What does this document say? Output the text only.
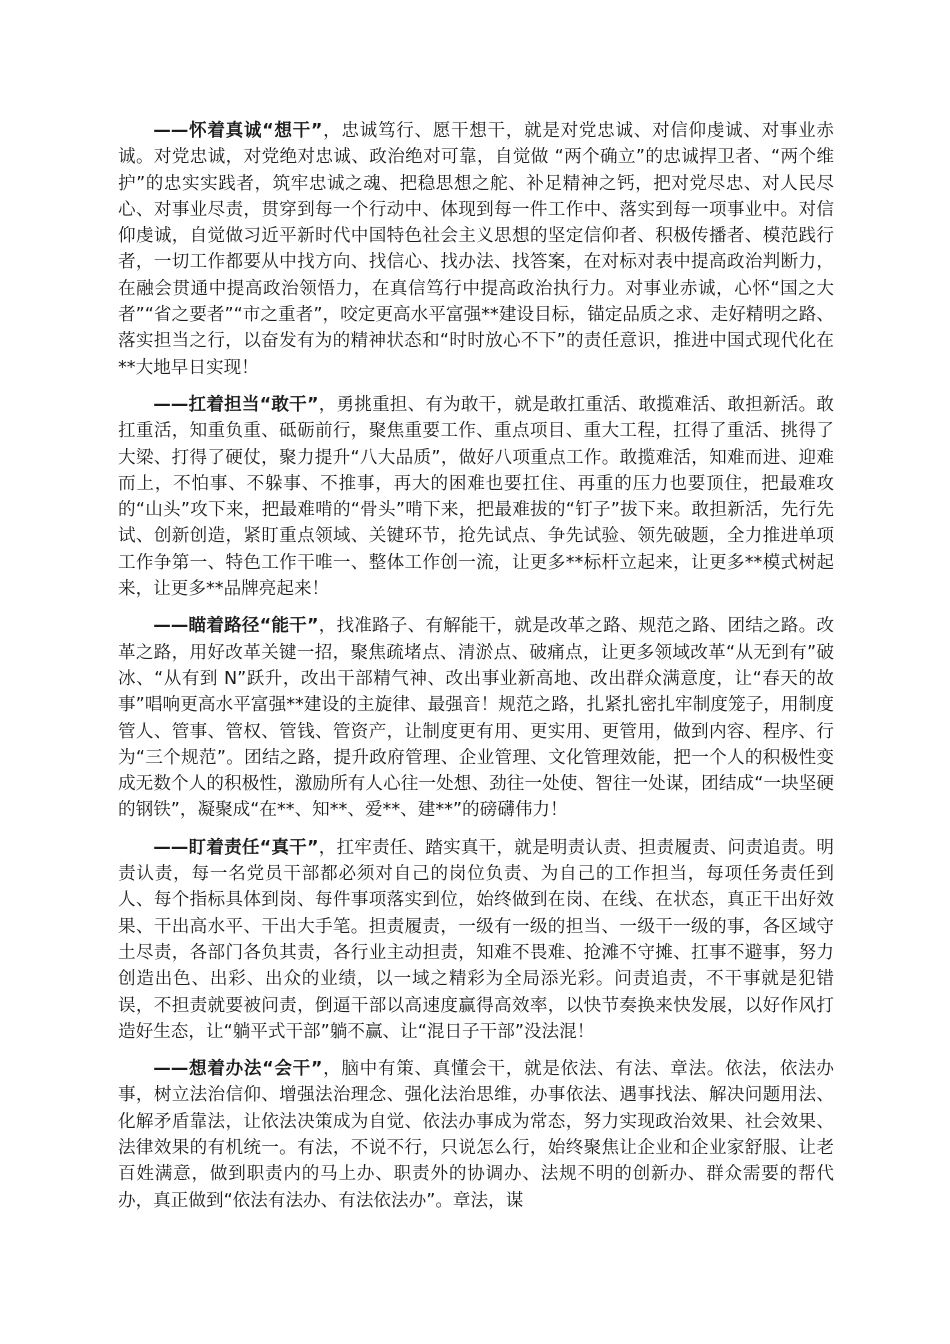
——怀着真诚“想干”，忠诚笃行、愿干想干，就是对党忠诚、对信仰虔诚、对事业赤诚。对党忠诚，对党绝对忠诚、政治绝对可靠，自觉做 “两个确立”的忠诚捍卫者、“两个维护”的忠实实践者，筑牢忠诚之魂、把稳思想之舵、补足精神之钙，把对党尽忠、对人民尽心、对事业尽责，贯穿到每一个行动中、体现到每一件工作中、落实到每一项事业中。对信仰虔诚，自觉做习近平新时代中国特色社会主义思想的坚定信仰者、积极传播者、模范践行者，一切工作都要从中找方向、找信心、找办法、找答案，在对标对表中提高政治判断力，在融会贯通中提高政治领悟力，在真信笃行中提高政治执行力。对事业赤诚，心怀“国之大者”“省之要者”“市之重者”，咬定更高水平富强**建设目标，锚定品质之求、走好精明之路、落实担当之行，以奋发有为的精神状态和“时时放心不下”的责任意识，推进中国式现代化在**大地早日实现！

——扛着担当“敢干”，勇挑重担、有为敢干，就是敢扛重活、敢揽难活、敢担新活。敢扛重活，知重负重、砥砺前行，聚焦重要工作、重点项目、重大工程，扛得了重活、挑得了大梁、打得了硬仗，聚力提升“八大品质”，做好八项重点工作。敢揽难活，知难而进、迎难而上，不怕事、不躲事、不推事，再大的困难也要扛住、再重的压力也要顶住，把最难攻的“山头”攻下来，把最难啃的“骨头”啃下来，把最难拔的“钉子”拔下来。敢担新活，先行先试、创新创造，紧盯重点领域、关键环节，抢先试点、争先试验、领先破题，全力推进单项工作争第一、特色工作干唯一、整体工作创一流，让更多**标杆立起来，让更多**模式树起来，让更多**品牌亮起来！

——瞄着路径“能干”，找准路子、有解能干，就是改革之路、规范之路、团结之路。改革之路，用好改革关键一招，聚焦疏堵点、清淤点、破痛点，让更多领域改革“从无到有”破冰、“从有到 N”跃升，改出干部精气神、改出事业新高地、改出群众满意度，让“春天的故事”唱响更高水平富强**建设的主旋律、最强音！规范之路，扎紧扎密扎牢制度笼子，用制度管人、管事、管权、管钱、管资产，让制度更有用、更实用、更管用，做到内容、程序、行为“三个规范”。团结之路，提升政府管理、企业管理、文化管理效能，把一个人的积极性变成无数个人的积极性，激励所有人心往一处想、劲往一处使、智往一处谋，团结成“一块坚硬的钢铁”，凝聚成“在**、知**、爱**、建**”的磅礴伟力！

——盯着责任“真干”，扛牢责任、踏实真干，就是明责认责、担责履责、问责追责。明责认责，每一名党员干部都必须对自己的岗位负责、为自己的工作担当，每项任务责任到人、每个指标具体到岗、每件事项落实到位，始终做到在岗、在线、在状态，真正干出好效果、干出高水平、干出大手笔。担责履责，一级有一级的担当、一级干一级的事，各区域守土尽责，各部门各负其责，各行业主动担责，知难不畏难、抢滩不守摊、扛事不避事，努力创造出色、出彩、出众的业绩，以一域之精彩为全局添光彩。问责追责，不干事就是犯错误，不担责就要被问责，倒逼干部以高速度赢得高效率，以快节奏换来快发展，以好作风打造好生态，让“躺平式干部”躺不赢、让“混日子干部”没法混！

——想着办法“会干”，脑中有策、真懂会干，就是依法、有法、章法。依法，依法办事，树立法治信仰、增强法治理念、强化法治思维，办事依法、遇事找法、解决问题用法、化解矛盾靠法，让依法决策成为自觉、依法办事成为常态，努力实现政治效果、社会效果、法律效果的有机统一。有法，不说不行，只说怎么行，始终聚焦让企业和企业家舒服、让老百姓满意，做到职责内的马上办、职责外的协调办、法规不明的创新办、群众需要的帮代办，真正做到“依法有法办、有法依法办”。章法，谋
